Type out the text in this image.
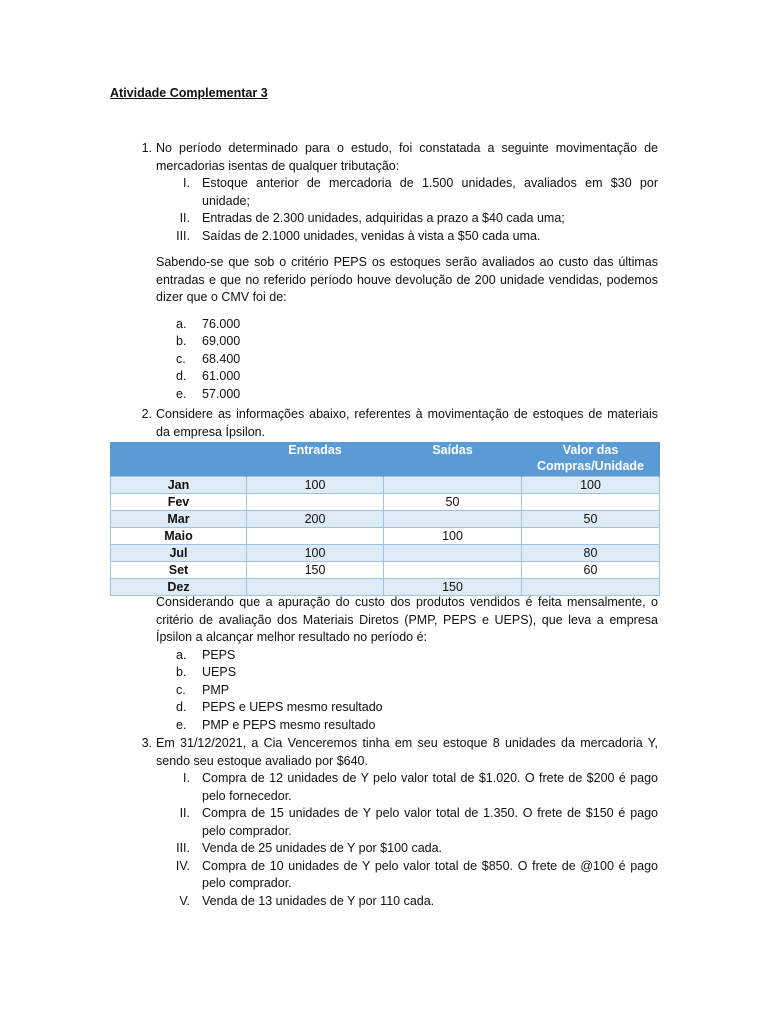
Atividade Complementar 3
1. No período determinado para o estudo, foi constatada a seguinte movimentação de mercadorias isentas de qualquer tributação:
I. Estoque anterior de mercadoria de 1.500 unidades, avaliados em $30 por unidade;
II. Entradas de 2.300 unidades, adquiridas a prazo a $40 cada uma;
III. Saídas de 2.1000 unidades, venidas à vista a $50 cada uma.
Sabendo-se que sob o critério PEPS os estoques serão avaliados ao custo das últimas entradas e que no referido período houve devolução de 200 unidade vendidas, podemos dizer que o CMV foi de:
a. 76.000
b. 69.000
c. 68.400
d. 61.000
e. 57.000
2. Considere as informações abaixo, referentes à movimentação de estoques de materiais da empresa Ípsilon.
	Entradas	Saídas	Valor das Compras/Unidade
Jan	100		100
Fev		50	
Mar	200		50
Maio		100	
Jul	100		80
Set	150		60
Dez		150	
Considerando que a apuração do custo dos produtos vendidos é feita mensalmente, o critério de avaliação dos Materiais Diretos (PMP, PEPS e UEPS), que leva a empresa Ípsilon a alcançar melhor resultado no período é:
a. PEPS
b. UEPS
c. PMP
d. PEPS e UEPS mesmo resultado
e. PMP e PEPS mesmo resultado
3. Em 31/12/2021, a Cia Venceremos tinha em seu estoque 8 unidades da mercadoria Y, sendo seu estoque avaliado por $640.
I. Compra de 12 unidades de Y pelo valor total de $1.020. O frete de $200 é pago pelo fornecedor.
II. Compra de 15 unidades de Y pelo valor total de 1.350. O frete de $150 é pago pelo comprador.
III. Venda de 25 unidades de Y por $100 cada.
IV. Compra de 10 unidades de Y pelo valor total de $850. O frete de @100 é pago pelo comprador.
V. Venda de 13 unidades de Y por 110 cada.
